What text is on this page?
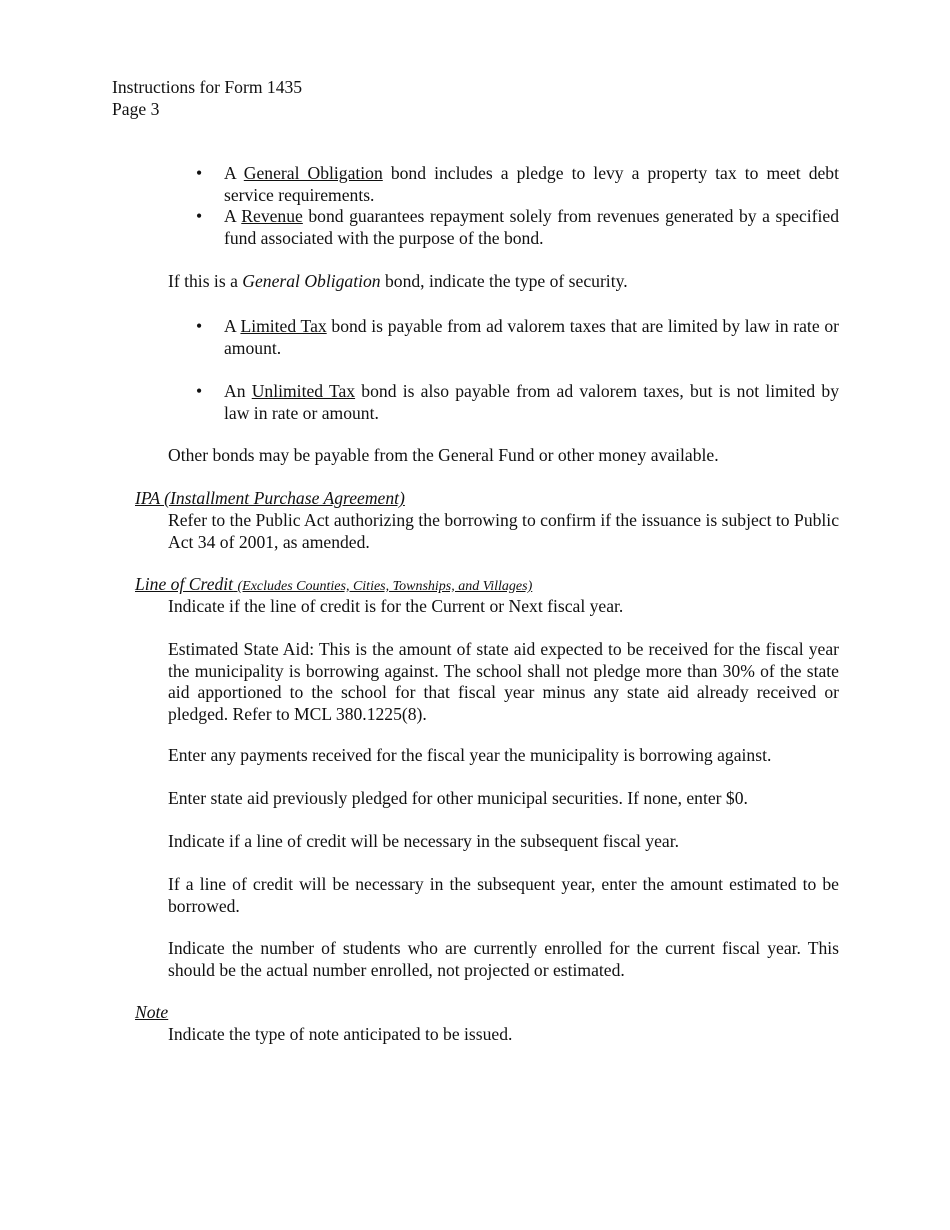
Instructions for Form 1435
Page 3
• A General Obligation bond includes a pledge to levy a property tax to meet debt service requirements.
• A Revenue bond guarantees repayment solely from revenues generated by a specified fund associated with the purpose of the bond.
If this is a General Obligation bond, indicate the type of security.
• A Limited Tax bond is payable from ad valorem taxes that are limited by law in rate or amount.
• An Unlimited Tax bond is also payable from ad valorem taxes, but is not limited by law in rate or amount.
Other bonds may be payable from the General Fund or other money available.
IPA (Installment Purchase Agreement)
Refer to the Public Act authorizing the borrowing to confirm if the issuance is subject to Public Act 34 of 2001, as amended.
Line of Credit (Excludes Counties, Cities, Townships, and Villages)
Indicate if the line of credit is for the Current or Next fiscal year.
Estimated State Aid: This is the amount of state aid expected to be received for the fiscal year the municipality is borrowing against. The school shall not pledge more than 30% of the state aid apportioned to the school for that fiscal year minus any state aid already received or pledged. Refer to MCL 380.1225(8).
Enter any payments received for the fiscal year the municipality is borrowing against.
Enter state aid previously pledged for other municipal securities. If none, enter $0.
Indicate if a line of credit will be necessary in the subsequent fiscal year.
If a line of credit will be necessary in the subsequent year, enter the amount estimated to be borrowed.
Indicate the number of students who are currently enrolled for the current fiscal year. This should be the actual number enrolled, not projected or estimated.
Note
Indicate the type of note anticipated to be issued.
